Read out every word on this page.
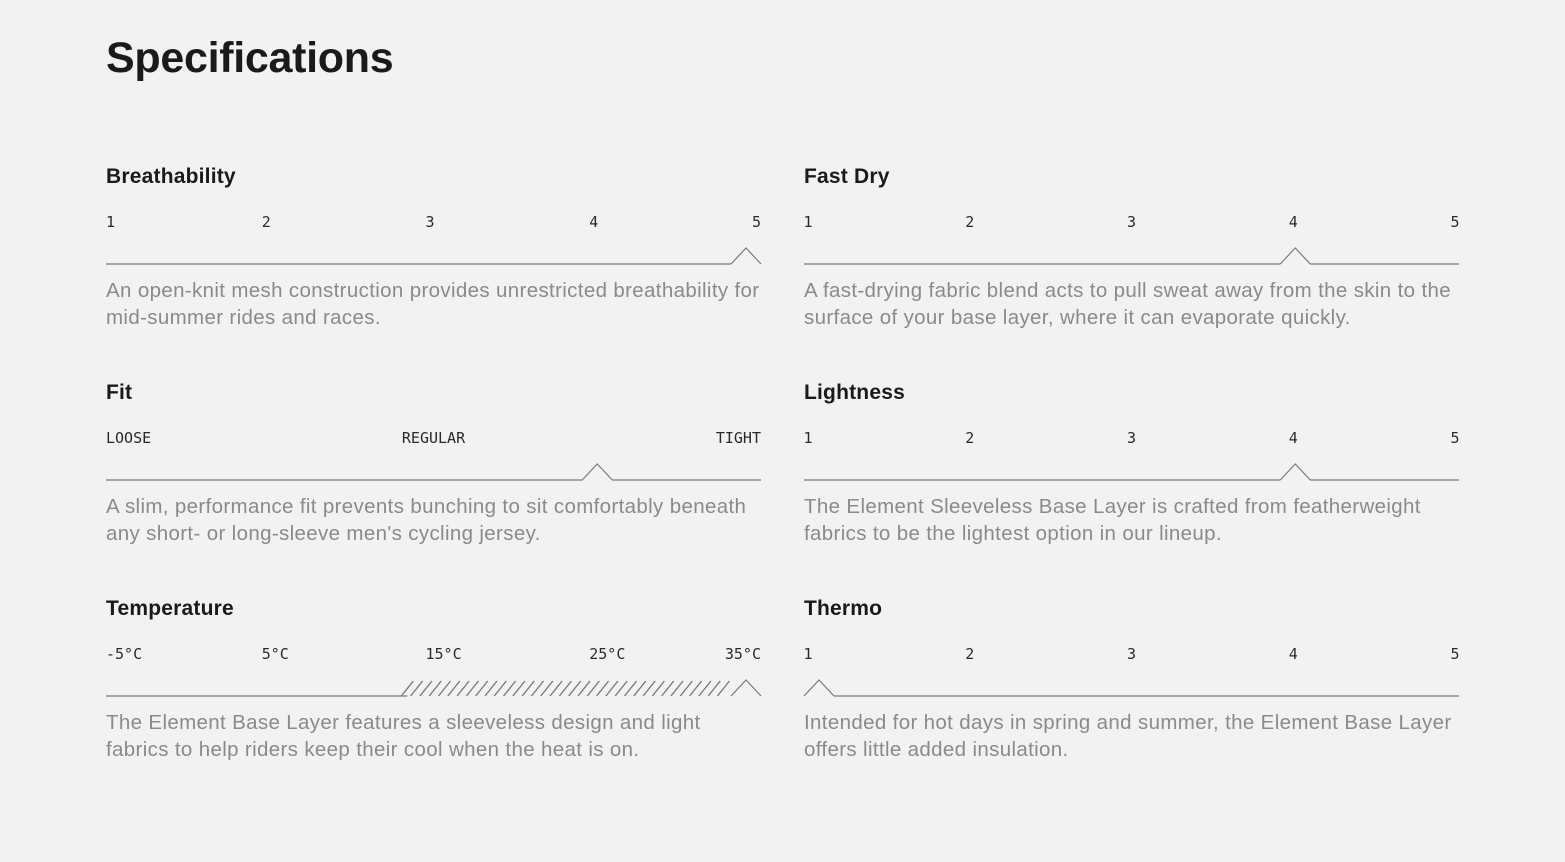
Specifications
Breathability
1	2	3	4	5

An open-knit mesh construction provides unrestricted breathability for mid-summer rides and races.

Fast Dry
1	2	3	4	5

A fast-drying fabric blend acts to pull sweat away from the skin to the surface of your base layer, where it can evaporate quickly.

Fit
LOOSE	REGULAR	TIGHT

A slim, performance fit prevents bunching to sit comfortably beneath any short- or long-sleeve men's cycling jersey.

Lightness
1	2	3	4	5

The Element Sleeveless Base Layer is crafted from featherweight fabrics to be the lightest option in our lineup.

Temperature
-5°C	5°C	15°C	25°C	35°C

The Element Base Layer features a sleeveless design and light fabrics to help riders keep their cool when the heat is on.

Thermo
1	2	3	4	5

Intended for hot days in spring and summer, the Element Base Layer offers little added insulation.
